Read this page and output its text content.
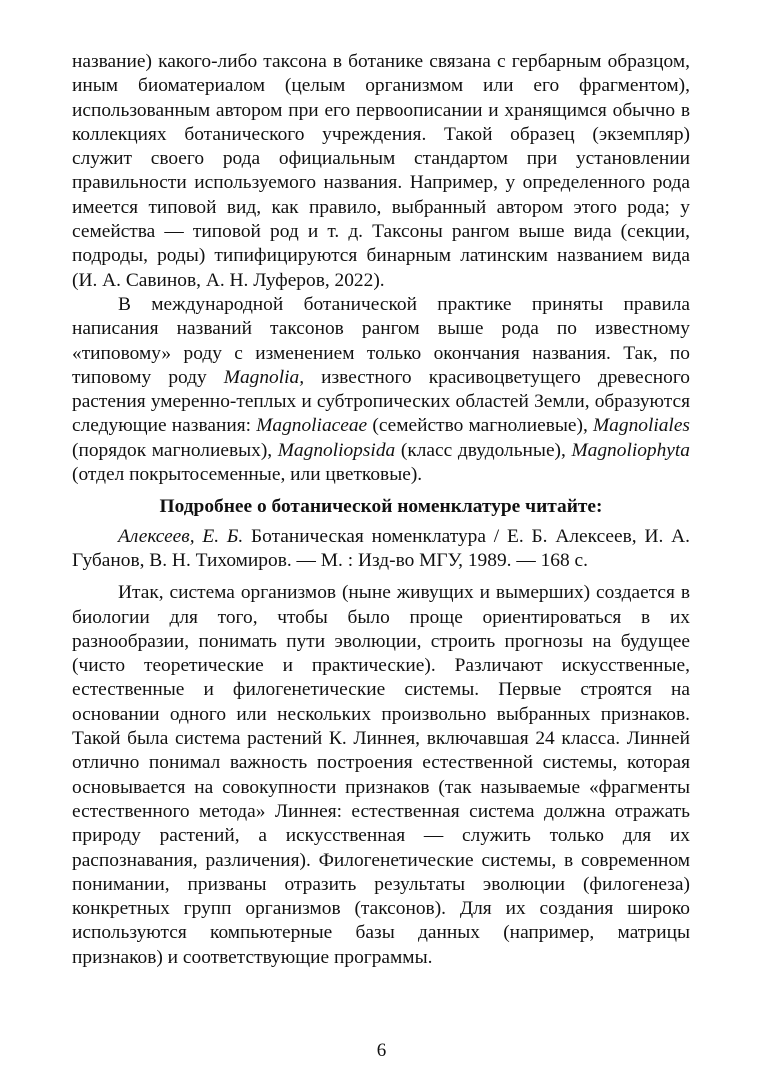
название) какого-либо таксона в ботанике связана с гербарным образцом, иным биоматериалом (целым организмом или его фрагментом), использованным автором при его первоописании и хранящимся обычно в коллекциях ботанического учреждения. Такой образец (экземпляр) служит своего рода официальным стандартом при установлении правильности используемого названия. Например, у определенного рода имеется типовой вид, как правило, выбранный автором этого рода; у семейства — типовой род и т. д. Таксоны рангом выше вида (секции, подроды, роды) типифицируются бинарным латинским названием вида (И. А. Савинов, А. Н. Луферов, 2022).

В международной ботанической практике приняты правила написания названий таксонов рангом выше рода по известному «типовому» роду с изменением только окончания названия. Так, по типовому роду Magnolia, известного красивоцветущего древесного растения умеренно-теплых и субтропических областей Земли, образуются следующие названия: Magnoliaceae (семейство магнолиевые), Magnoliales (порядок магнолиевых), Magnoliopsida (класс двудольные), Magnoliophyta (отдел покрытосеменные, или цветковые).

Подробнее о ботанической номенклатуре читайте:

Алексеев, Е. Б. Ботаническая номенклатура / Е. Б. Алексеев, И. А. Губанов, В. Н. Тихомиров. — М. : Изд-во МГУ, 1989. — 168 с.

Итак, система организмов (ныне живущих и вымерших) создается в биологии для того, чтобы было проще ориентироваться в их разнообразии, понимать пути эволюции, строить прогнозы на будущее (чисто теоретические и практические). Различают искусственные, естественные и филогенетические системы. Первые строятся на основании одного или нескольких произвольно выбранных признаков. Такой была система растений К. Линнея, включавшая 24 класса. Линней отлично понимал важность построения естественной системы, которая основывается на совокупности признаков (так называемые «фрагменты естественного метода» Линнея: естественная система должна отражать природу растений, а искусственная — служить только для их распознавания, различения). Филогенетические системы, в современном понимании, призваны отразить результаты эволюции (филогенеза) конкретных групп организмов (таксонов). Для их создания широко используются компьютерные базы данных (например, матрицы признаков) и соответствующие программы.

6
